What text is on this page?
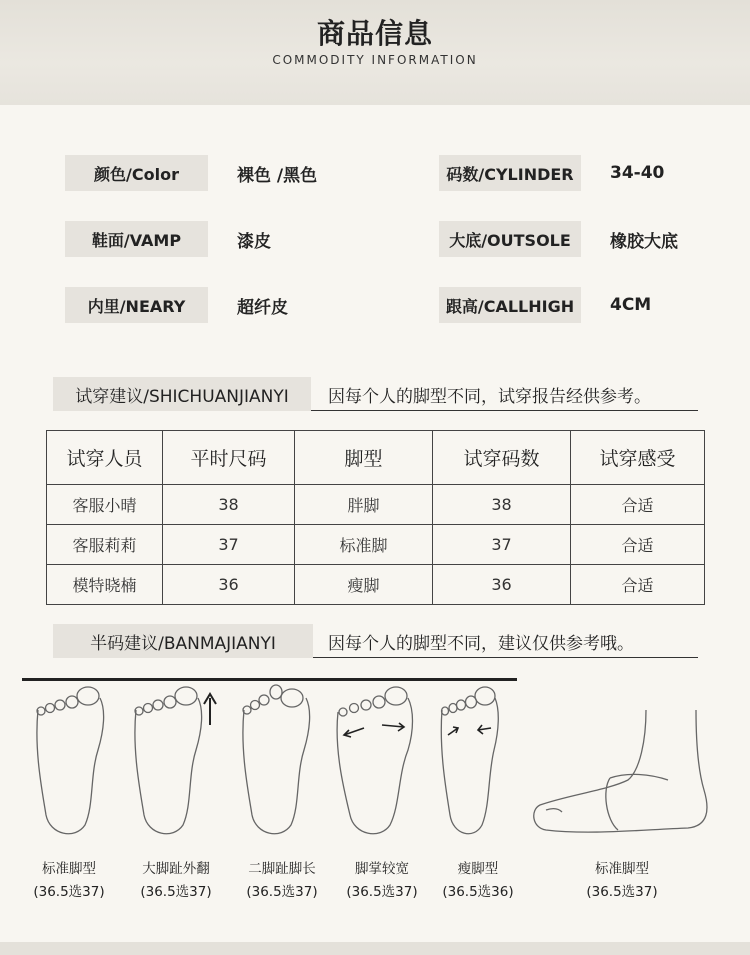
商品信息
COMMODITY INFORMATION
颜色/Color	裸色 /黑色	码数/CYLINDER	34-40
鞋面/VAMP	漆皮	大底/OUTSOLE	橡胶大底
内里/NEARY	超纤皮	跟高/CALLHIGH	4CM
试穿建议/SHICHUANJIANYI	因每个人的脚型不同，试穿报告经供参考。
试穿人员	平时尺码	脚型	试穿码数	试穿感受
客服小晴	38	胖脚	38	合适
客服莉莉	37	标准脚	37	合适
模特晓楠	36	瘦脚	36	合适
半码建议/BANMAJIANYI	因每个人的脚型不同，建议仅供参考哦。
标准脚型
(36.5选37)
大脚趾外翻
(36.5选37)
二脚趾脚长
(36.5选37)
脚掌较宽
(36.5选37)
瘦脚型
(36.5选36)
标准脚型
(36.5选37)
